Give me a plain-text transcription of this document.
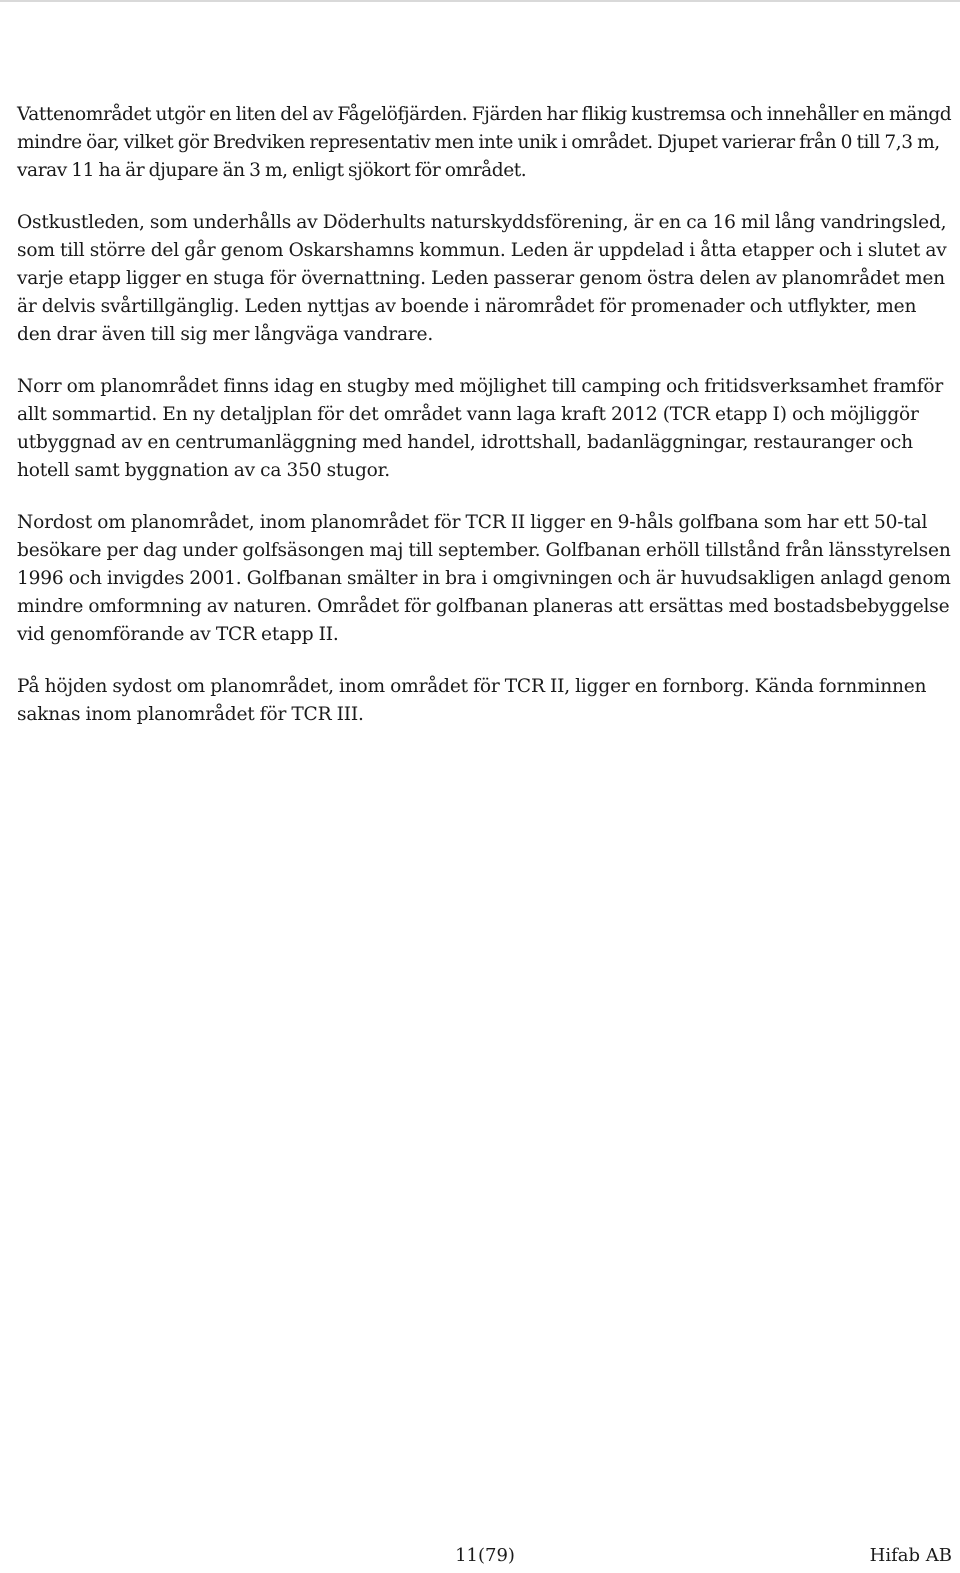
Vattenområdet utgör en liten del av Fågelöfjärden. Fjärden har flikig kustremsa och innehåller en mängd mindre öar, vilket gör Bredviken representativ men inte unik i området. Djupet varierar från 0 till 7,3 m, varav 11 ha är djupare än 3 m, enligt sjökort för området.

Ostkustleden, som underhålls av Döderhults naturskyddsförening, är en ca 16 mil lång vandringsled, som till större del går genom Oskarshamns kommun. Leden är uppdelad i åtta etapper och i slutet av varje etapp ligger en stuga för övernattning. Leden passerar genom östra delen av planområdet men är delvis svårtillgänglig. Leden nyttjas av boende i närområdet för promenader och utflykter, men den drar även till sig mer långväga vandrare.

Norr om planområdet finns idag en stugby med möjlighet till camping och fritidsverksamhet framför allt sommartid. En ny detaljplan för det området vann laga kraft 2012 (TCR etapp I) och möjliggör utbyggnad av en centrumanläggning med handel, idrottshall, badanläggningar, restauranger och hotell samt byggnation av ca 350 stugor.

Nordost om planområdet, inom planområdet för TCR II ligger en 9-håls golfbana som har ett 50-tal besökare per dag under golfsäsongen maj till september. Golfbanan erhöll tillstånd från länsstyrelsen 1996 och invigdes 2001. Golfbanan smälter in bra i omgivningen och är huvudsakligen anlagd genom mindre omformning av naturen. Området för golfbanan planeras att ersättas med bostadsbebyggelse vid genomförande av TCR etapp II.

På höjden sydost om planområdet, inom området för TCR II, ligger en fornborg. Kända fornminnen saknas inom planområdet för TCR III.

11(79)	Hifab AB
